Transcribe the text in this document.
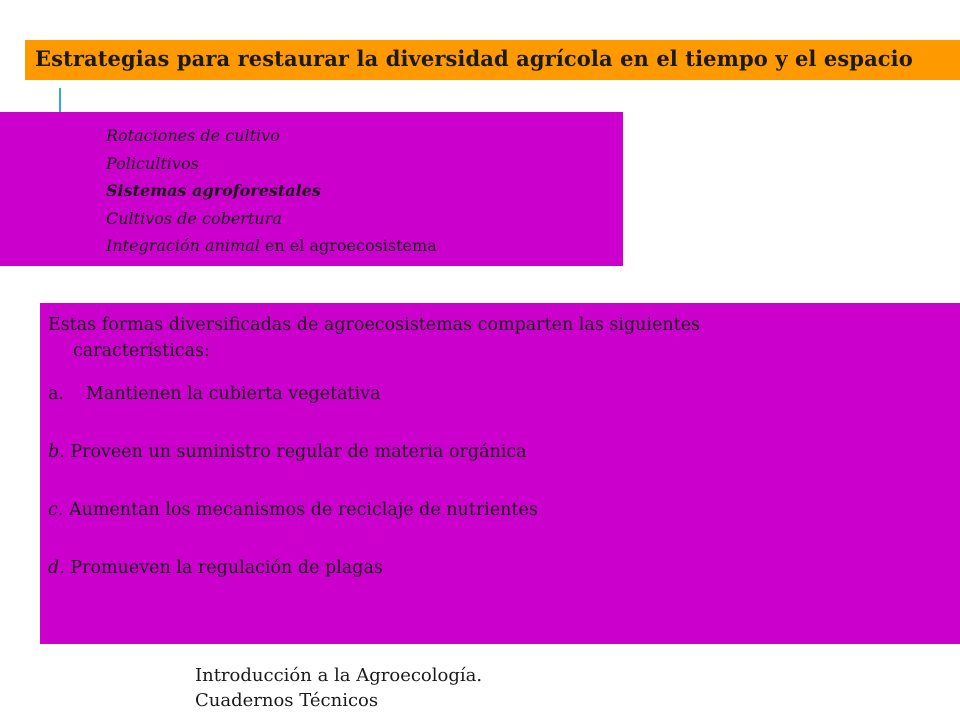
Estrategias para restaurar la diversidad agrícola en el tiempo y el espacio
Rotaciones de cultivo
Policultivos
Sistemas agroforestales
Cultivos de cobertura
Integración animal en el agroecosistema

Estas formas diversificadas de agroecosistemas comparten las siguientes
características:

a. Mantienen la cubierta vegetativa
b. Proveen un suministro regular de materia orgánica
c. Aumentan los mecanismos de reciclaje de nutrientes
d. Promueven la regulación de plagas
Introducción a la Agroecología.
Cuadernos Técnicos
